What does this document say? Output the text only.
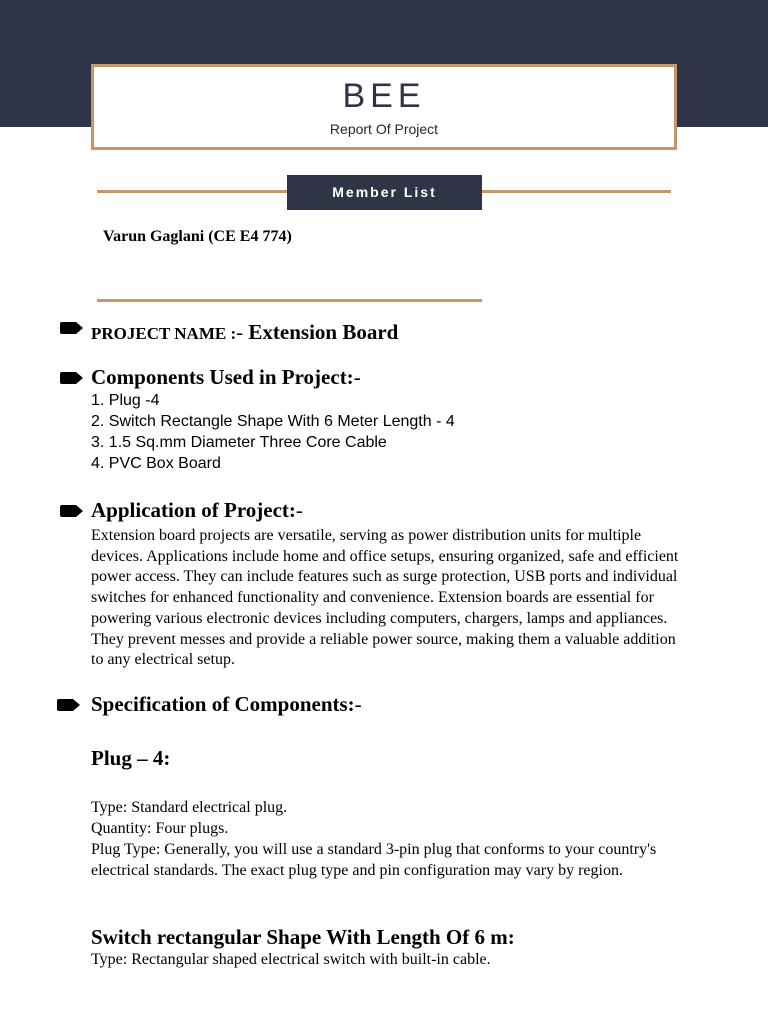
BEE
Report Of Project
Member List
Varun Gaglani (CE E4 774)
PROJECT NAME :- Extension Board
Components Used in Project:-
1. Plug -4
2. Switch Rectangle Shape With 6 Meter Length - 4
3. 1.5 Sq.mm Diameter Three Core Cable
4. PVC Box Board
Application of Project:-

Extension board projects are versatile, serving as power distribution units for multiple devices. Applications include home and office setups, ensuring organized, safe and efficient power access. They can include features such as surge protection, USB ports and individual switches for enhanced functionality and convenience. Extension boards are essential for powering various electronic devices including computers, chargers, lamps and appliances. They prevent messes and provide a reliable power source, making them a valuable addition to any electrical setup.

Specification of Components:-
Plug – 4:

Type: Standard electrical plug.

Quantity: Four plugs.

Plug Type: Generally, you will use a standard 3-pin plug that conforms to your country's electrical standards. The exact plug type and pin configuration may vary by region.

Switch rectangular Shape With Length Of 6 m:

Type: Rectangular shaped electrical switch with built-in cable.
